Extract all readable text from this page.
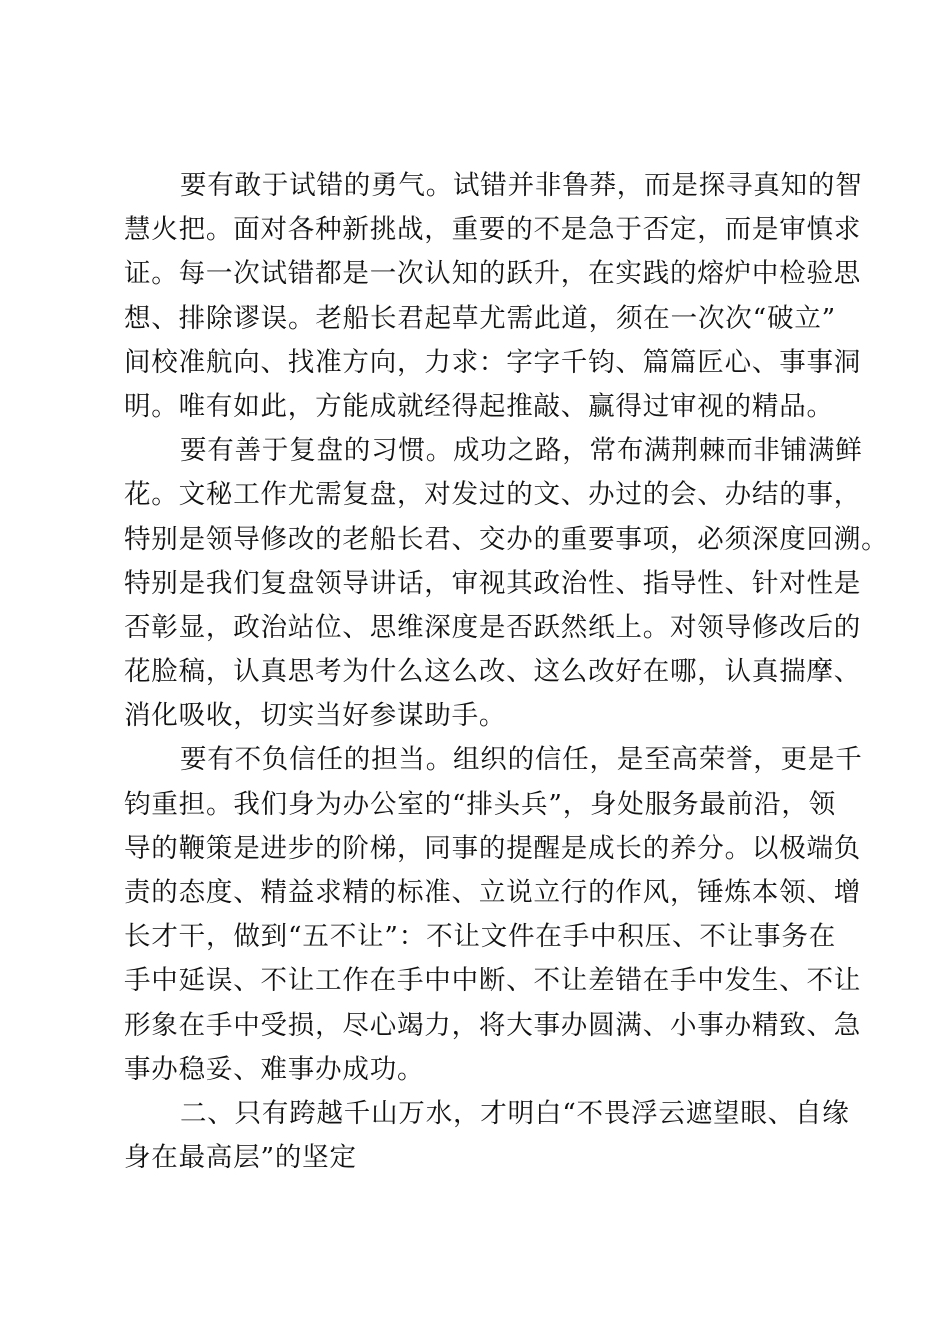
要有敢于试错的勇气。试错并非鲁莽，而是探寻真知的智
慧火把。面对各种新挑战，重要的不是急于否定，而是审慎求
证。每一次试错都是一次认知的跃升，在实践的熔炉中检验思
想、排除谬误。老船长君起草尤需此道，须在一次次“破立”
间校准航向、找准方向，力求：字字千钧、篇篇匠心、事事洞
明。唯有如此，方能成就经得起推敲、赢得过审视的精品。
要有善于复盘的习惯。成功之路，常布满荆棘而非铺满鲜
花。文秘工作尤需复盘，对发过的文、办过的会、办结的事，
特别是领导修改的老船长君、交办的重要事项，必须深度回溯。
特别是我们复盘领导讲话，审视其政治性、指导性、针对性是
否彰显，政治站位、思维深度是否跃然纸上。对领导修改后的
花脸稿，认真思考为什么这么改、这么改好在哪，认真揣摩、
消化吸收，切实当好参谋助手。
要有不负信任的担当。组织的信任，是至高荣誉，更是千
钧重担。我们身为办公室的“排头兵”，身处服务最前沿，领
导的鞭策是进步的阶梯，同事的提醒是成长的养分。以极端负
责的态度、精益求精的标准、立说立行的作风，锤炼本领、增
长才干，做到“五不让”：不让文件在手中积压、不让事务在
手中延误、不让工作在手中中断、不让差错在手中发生、不让
形象在手中受损，尽心竭力，将大事办圆满、小事办精致、急
事办稳妥、难事办成功。
二、只有跨越千山万水，才明白“不畏浮云遮望眼、自缘
身在最高层”的坚定
